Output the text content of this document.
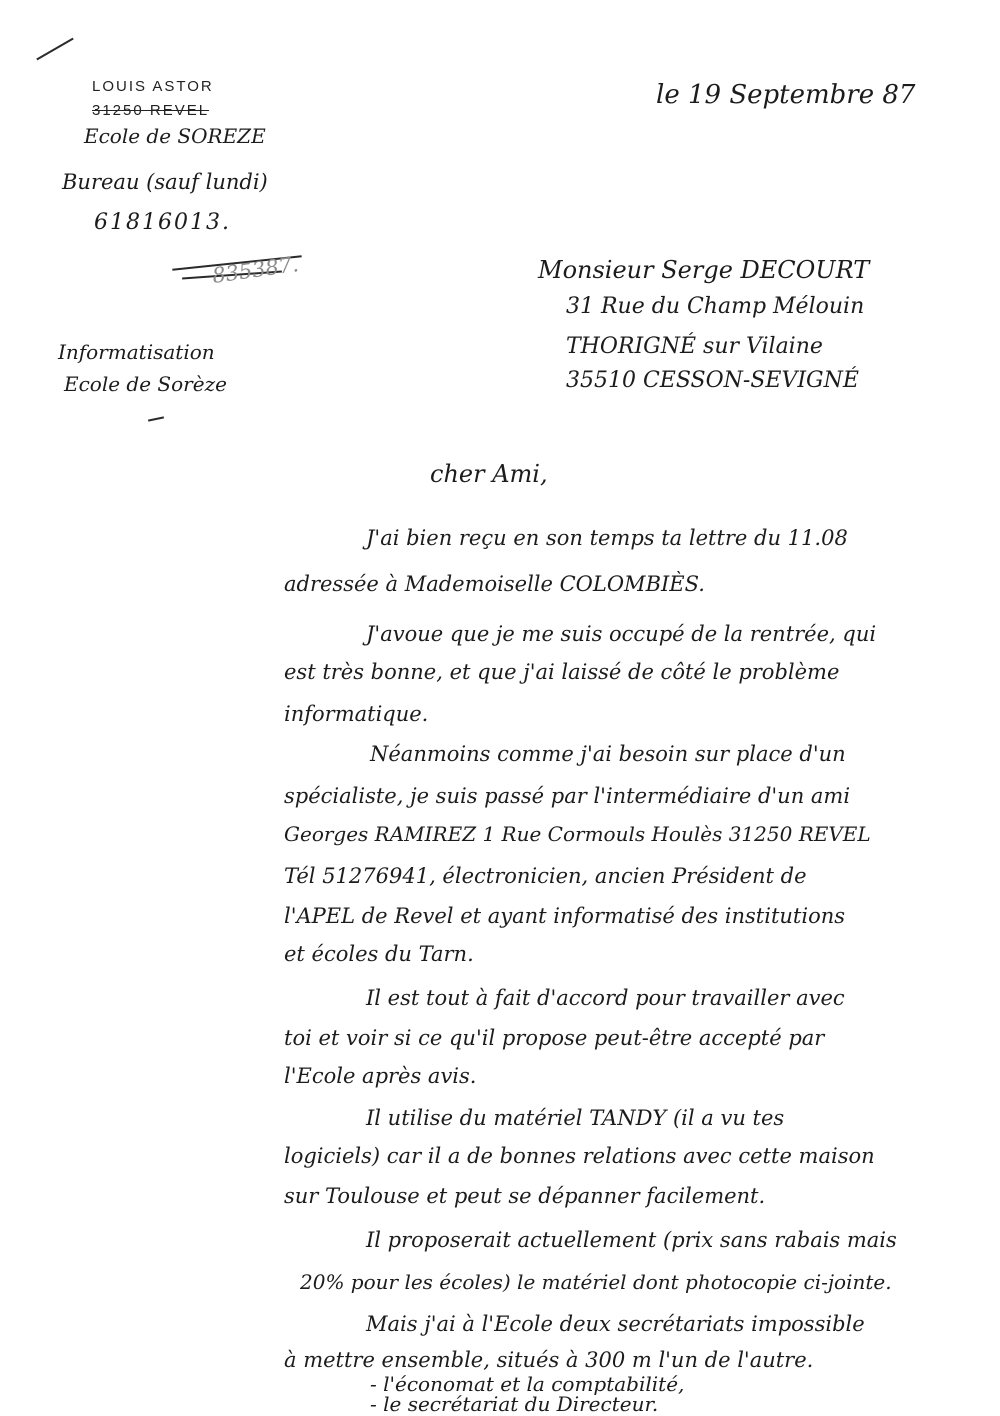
LOUIS ASTOR
31250 REVEL
Ecole de SOREZE
Bureau (sauf lundi)
61816013.
835387.
Informatisation
Ecole de Sorèze
le 19 Septembre 87
Monsieur Serge DECOURT
31 Rue du Champ Mélouin
THORIGNÉ sur Vilaine
35510 CESSON-SEVIGNÉ
cher Ami,
J'ai bien reçu en son temps ta lettre du 11.08
adressée à Mademoiselle COLOMBIÈS.
J'avoue que je me suis occupé de la rentrée, qui
est très bonne, et que j'ai laissé de côté le problème
informatique.
Néanmoins comme j'ai besoin sur place d'un
spécialiste, je suis passé par l'intermédiaire d'un ami
Georges RAMIREZ 1 Rue Cormouls Houlès 31250 REVEL
Tél 51276941, électronicien, ancien Président de
l'APEL de Revel et ayant informatisé des institutions
et écoles du Tarn.
Il est tout à fait d'accord pour travailler avec
toi et voir si ce qu'il propose peut-être accepté par
l'Ecole après avis.
Il utilise du matériel TANDY (il a vu tes
logiciels) car il a de bonnes relations avec cette maison
sur Toulouse et peut se dépanner facilement.
Il proposerait actuellement (prix sans rabais mais
20% pour les écoles) le matériel dont photocopie ci-jointe.
Mais j'ai à l'Ecole deux secrétariats impossible
à mettre ensemble, situés à 300 m l'un de l'autre.
- l'économat et la comptabilité,
- le secrétariat du Directeur.
